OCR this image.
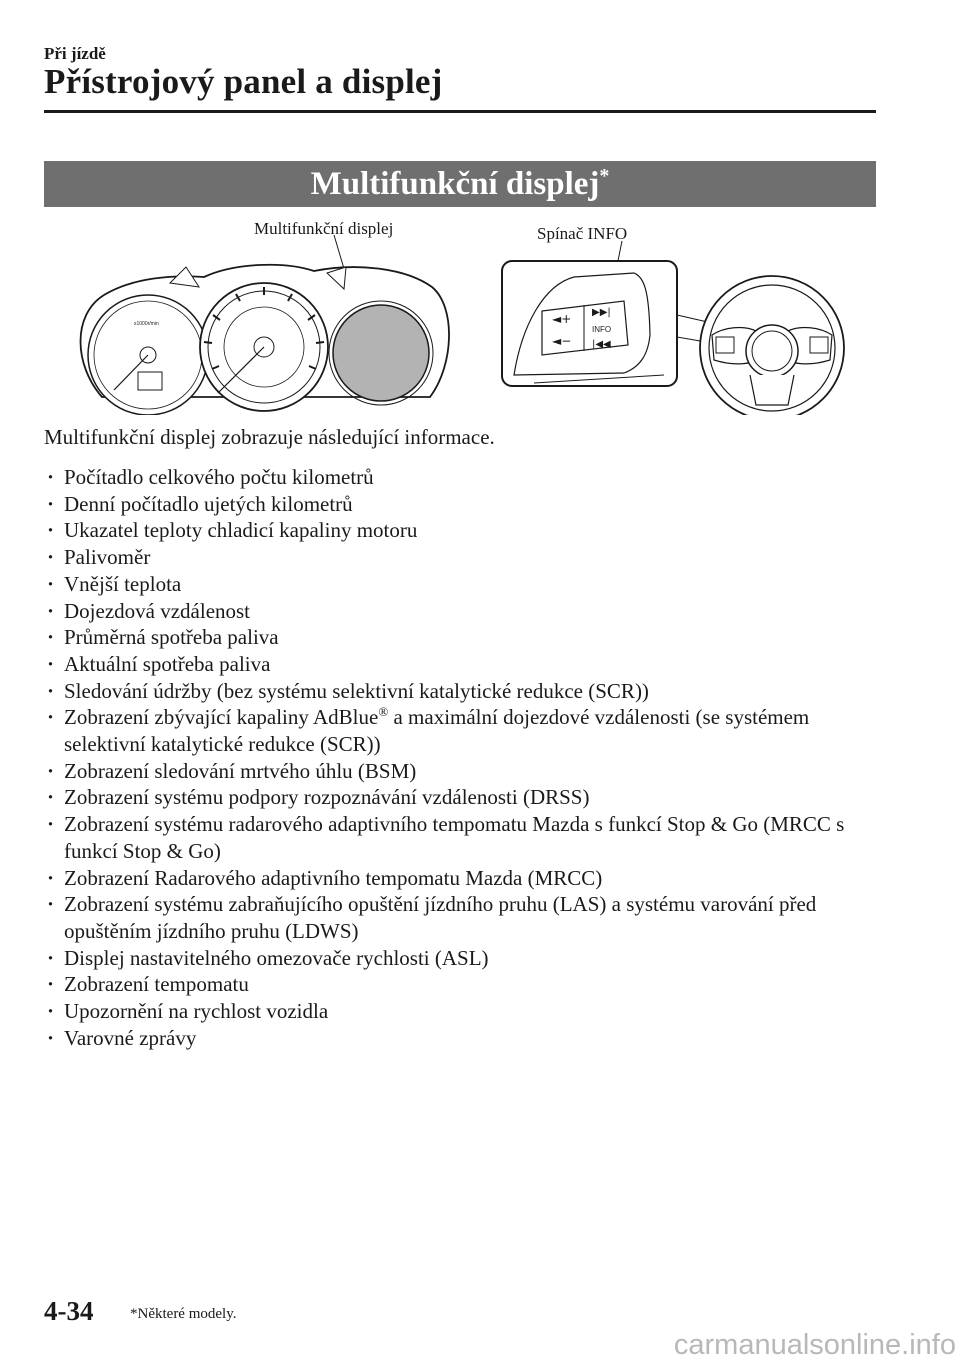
Při jízdě
Přístrojový panel a displej
Multifunkční displej*
x1000r/min	◄+
◄−
▶▶|
INFO
|◀◀
Multifunkční displej	Spínač INFO
Multifunkční displej zobrazuje následující informace.
· Počítadlo celkového počtu kilometrů
· Denní počítadlo ujetých kilometrů
· Ukazatel teploty chladicí kapaliny motoru
· Palivoměr
· Vnější teplota
· Dojezdová vzdálenost
· Průměrná spotřeba paliva
· Aktuální spotřeba paliva
· Sledování údržby (bez systému selektivní katalytické redukce (SCR))
· Zobrazení zbývající kapaliny AdBlue® a maximální dojezdové vzdálenosti (se systémem selektivní katalytické redukce (SCR))
· Zobrazení sledování mrtvého úhlu (BSM)
· Zobrazení systému podpory rozpoznávání vzdálenosti (DRSS)
· Zobrazení systému radarového adaptivního tempomatu Mazda s funkcí Stop & Go (MRCC s funkcí Stop & Go)
· Zobrazení Radarového adaptivního tempomatu Mazda (MRCC)
· Zobrazení systému zabraňujícího opuštění jízdního pruhu (LAS) a systému varování před opuštěním jízdního pruhu (LDWS)
· Displej nastavitelného omezovače rychlosti (ASL)
· Zobrazení tempomatu
· Upozornění na rychlost vozidla
· Varovné zprávy
4-34 *Některé modely.
carmanualsonline.info
